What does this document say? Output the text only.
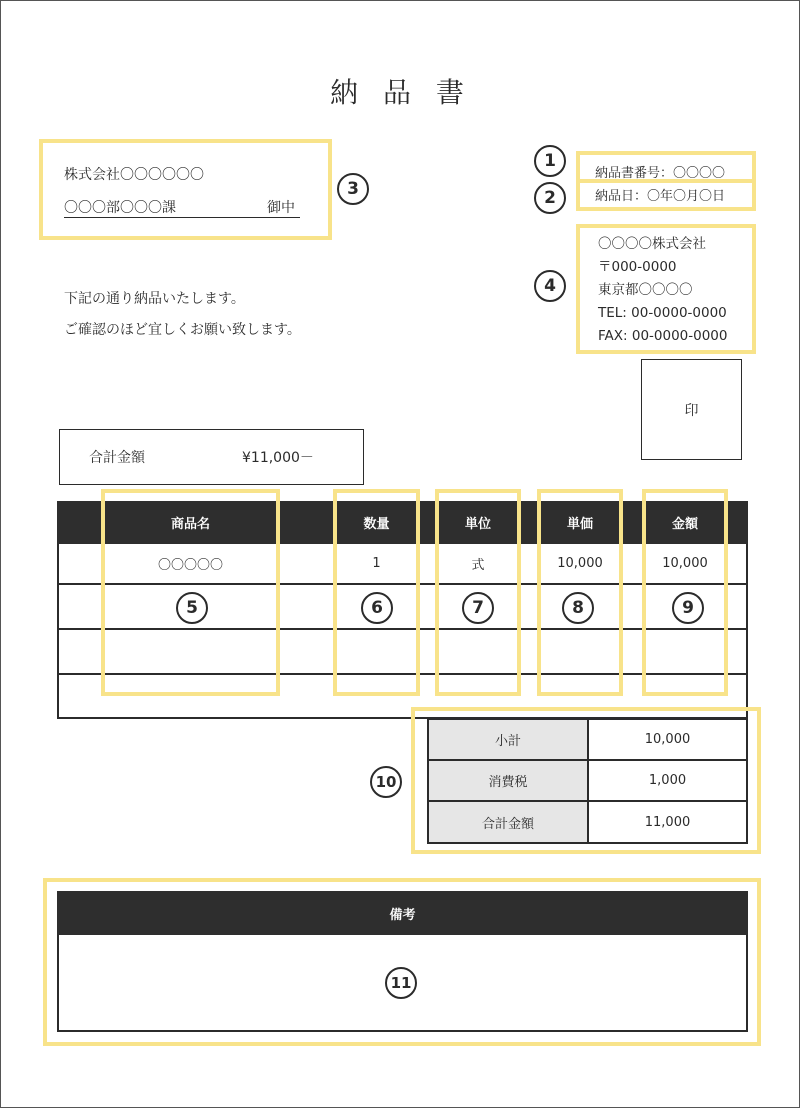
納 品 書
株式会社〇〇〇〇〇〇
〇〇〇部〇〇〇課	御中
納品書番号：〇〇〇〇
納品日：〇年〇月〇日
〇〇〇〇株式会社
〒000-0000
東京都〇〇〇〇
TEL: 00-0000-0000
FAX: 00-0000-0000
印
下記の通り納品いたします。
ご確認のほど宜しくお願い致します。
合計金額	¥11,000－
商品名	数量	単位	単価	金額
〇〇〇〇〇	1	式	10,000	10,000
小計	10,000
消費税	1,000
合計金額	11,000
備考
1
2
3
4
5	6	7	8	9
10
11
